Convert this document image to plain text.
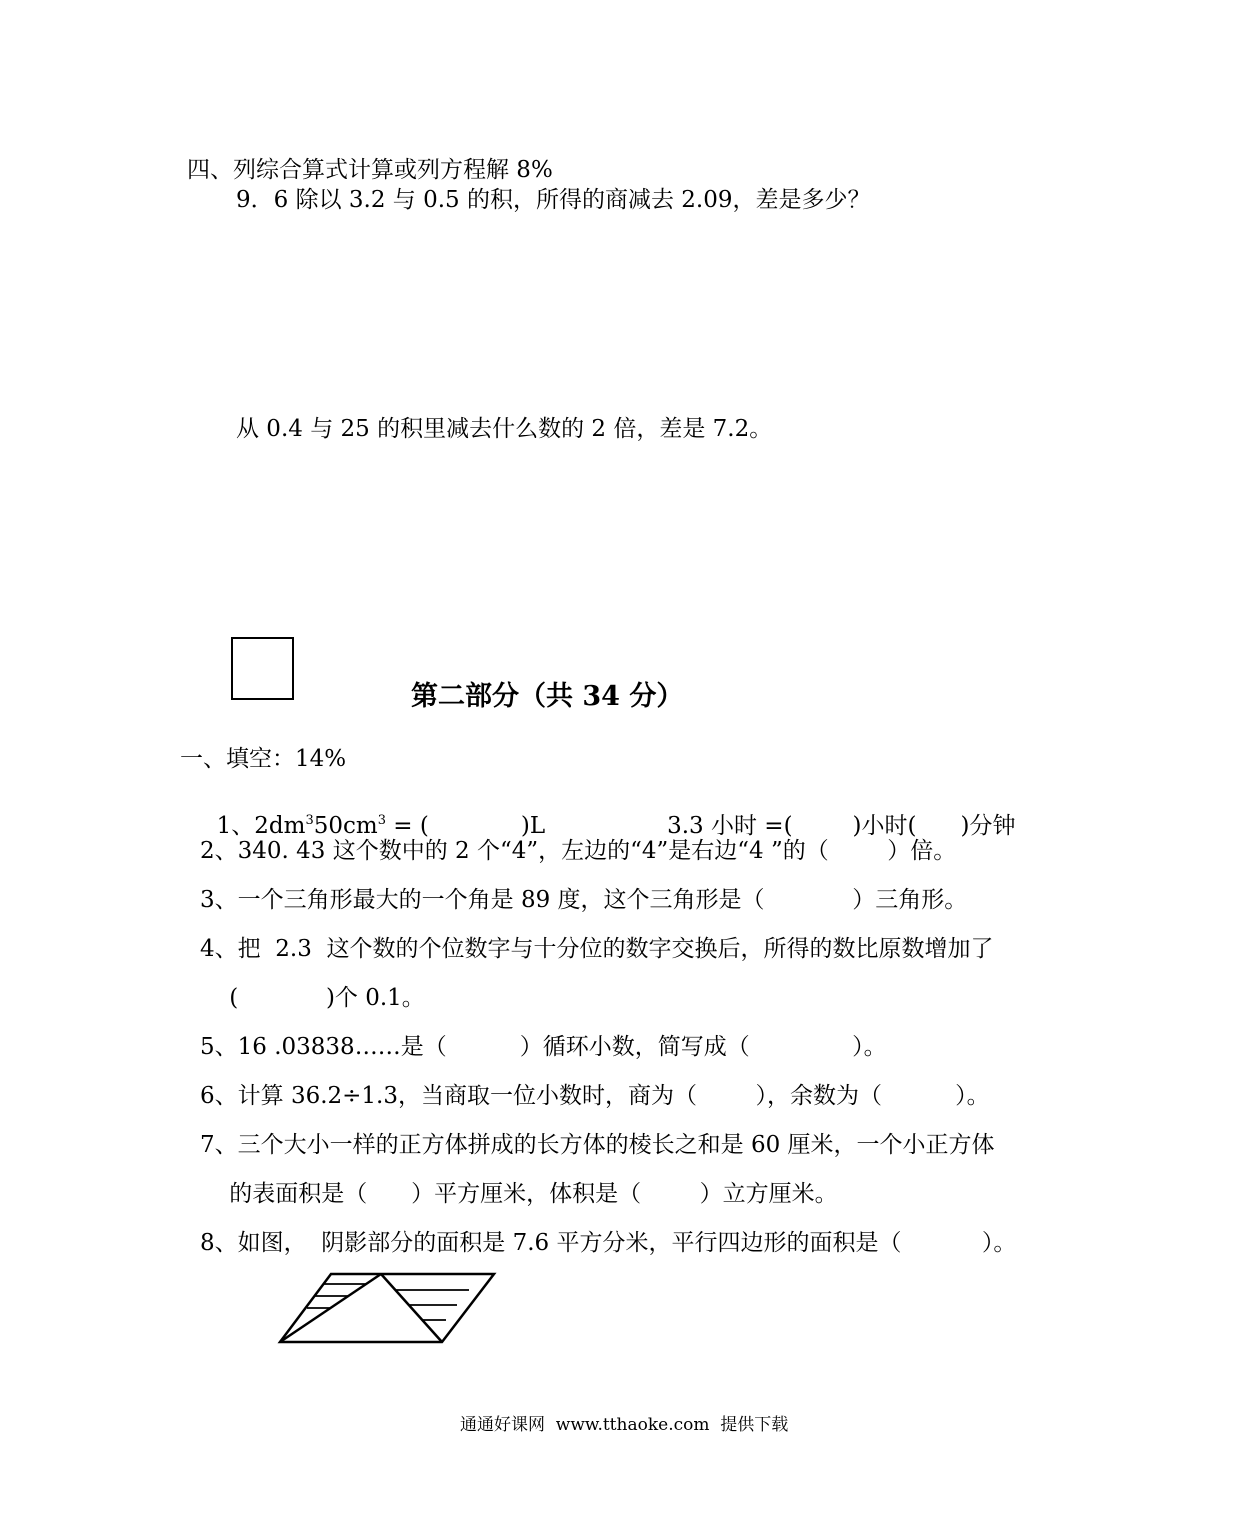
四、列综合算式计算或列方程解 8%
9．6 除以 3.2 与 0.5 的积，所得的商减去 2.09，差是多少？
从 0.4 与 25 的积里减去什么数的 2 倍，差是 7.2。
第二部分（共 34 分）
一、填空：14%

1、$2dm^350cm^3$ = (	)L	3.3 小时 =(	)小时( )分钟

2、340. 43 这个数中的 2 个“4”，左边的“4”是右边“4 ”的（        ）倍。
3、一个三角形最大的一个角是 89 度，这个三角形是（            ）三角形。
4、把  2.3  这个数的个位数字与十分位的数字交换后，所得的数比原数增加了
(            )个 0.1。
5、16 .03838……是（          ）循环小数，简写成（              ）。
6、计算 36.2÷1.3，当商取一位小数时，商为（        ），余数为（          ）。
7、三个大小一样的正方体拼成的长方体的棱长之和是 60 厘米，一个小正方体
的表面积是（      ）平方厘米，体积是（        ）立方厘米。
8、如图，  阴影部分的面积是 7.6 平方分米，平行四边形的面积是（           ）。
通通好课网  www.tthaoke.com  提供下载
